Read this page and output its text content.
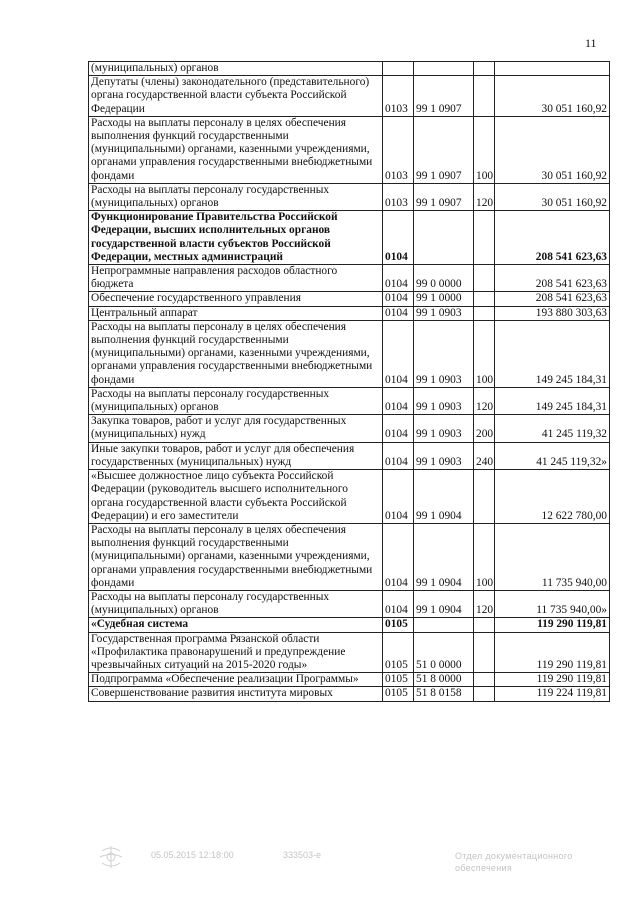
11
(муниципальных) органов				
Депутаты (члены) законодательного (представительного) органа государственной власти субъекта Российской Федерации	0103	99 1 0907		30 051 160,92
Расходы на выплаты персоналу в целях обеспечения выполнения функций государственными (муниципальными) органами, казенными учреждениями, органами управления государственными внебюджетными фондами	0103	99 1 0907	100	30 051 160,92
Расходы на выплаты персоналу государственных (муниципальных) органов	0103	99 1 0907	120	30 051 160,92
Функционирование Правительства Российской Федерации, высших исполнительных органов государственной власти субъектов Российской Федерации, местных администраций	0104			208 541 623,63
Непрограммные направления расходов областного бюджета	0104	99 0 0000		208 541 623,63
Обеспечение государственного управления	0104	99 1 0000		208 541 623,63
Центральный аппарат	0104	99 1 0903		193 880 303,63
Расходы на выплаты персоналу в целях обеспечения выполнения функций государственными (муниципальными) органами, казенными учреждениями, органами управления государственными внебюджетными фондами	0104	99 1 0903	100	149 245 184,31
Расходы на выплаты персоналу государственных (муниципальных) органов	0104	99 1 0903	120	149 245 184,31
Закупка товаров, работ и услуг для государственных (муниципальных) нужд	0104	99 1 0903	200	41 245 119,32
Иные закупки товаров, работ и услуг для обеспечения государственных (муниципальных) нужд	0104	99 1 0903	240	41 245 119,32»
«Высшее должностное лицо субъекта Российской Федерации (руководитель высшего исполнительного органа государственной власти субъекта Российской Федерации) и его заместители	0104	99 1 0904		12 622 780,00
Расходы на выплаты персоналу в целях обеспечения выполнения функций государственными (муниципальными) органами, казенными учреждениями, органами управления государственными внебюджетными фондами	0104	99 1 0904	100	11 735 940,00
Расходы на выплаты персоналу государственных (муниципальных) органов	0104	99 1 0904	120	11 735 940,00»
«Судебная система	0105			119 290 119,81
Государственная программа Рязанской области «Профилактика правонарушений и предупреждение чрезвычайных ситуаций на 2015-2020 годы»	0105	51 0 0000		119 290 119,81
Подпрограмма «Обеспечение реализации Программы»	0105	51 8 0000		119 290 119,81
Совершенствование развития института мировых	0105	51 8 0158		119 224 119,81
05.05.2015 12:18:00	333503-е	Отдел документационного обеспечения
